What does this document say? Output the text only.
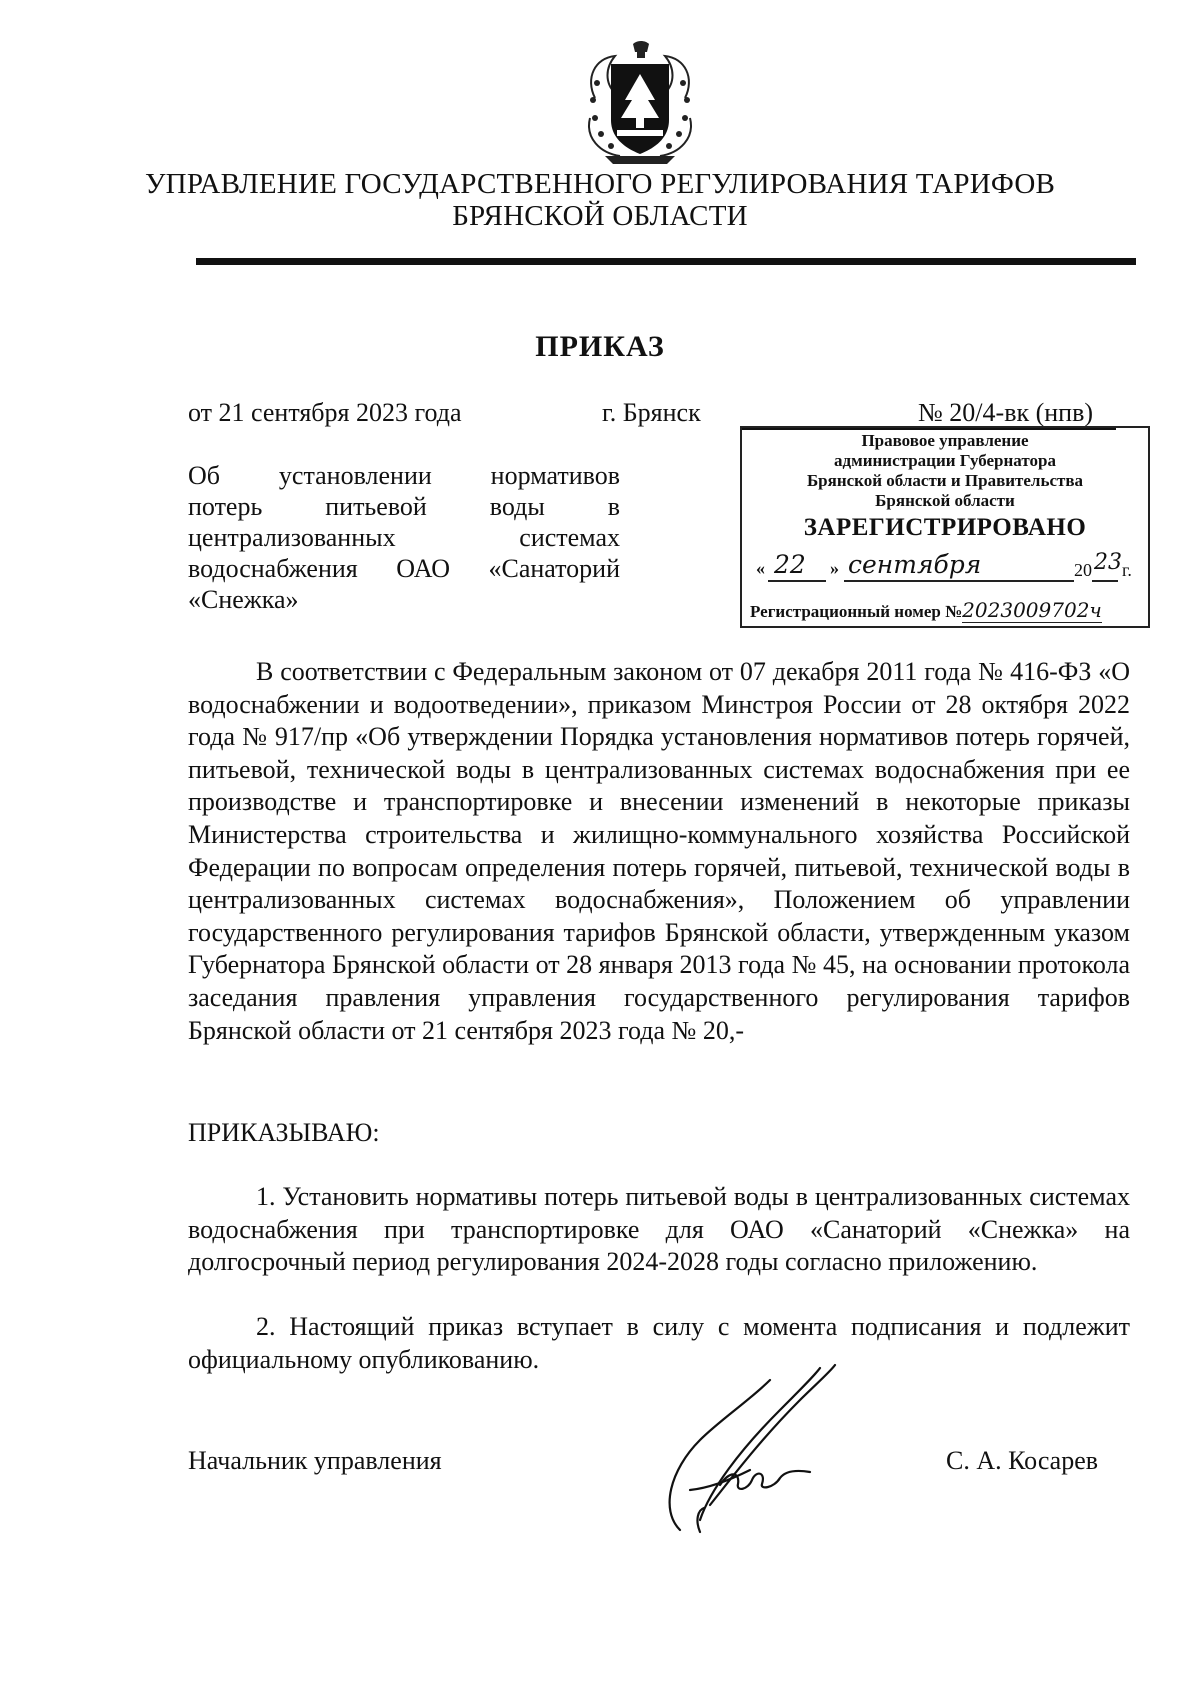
УПРАВЛЕНИЕ ГОСУДАРСТВЕННОГО РЕГУЛИРОВАНИЯ ТАРИФОВ
БРЯНСКОЙ ОБЛАСТИ
ПРИКАЗ
от 21 сентября 2023 года	г. Брянск	№ 20/4-вк (нпв)
Правовое управление
администрации Губернатора
Брянской области и Правительства
Брянской области
ЗАРЕГИСТРИРОВАНО
« 22 » сентября	20 23 г.
Регистрационный номер №2023009702ч
Об установлении нормативов
потерь питьевой воды в
централизованных системах
водоснабжения ОАО «Санаторий
«Снежка»
В соответствии с Федеральным законом от 07 декабря 2011 года № 416-ФЗ «О водоснабжении и водоотведении», приказом Минстроя России от 28 октября 2022 года № 917/пр «Об утверждении Порядка установления нормативов потерь горячей, питьевой, технической воды в централизованных системах водоснабжения при ее производстве и транспортировке и внесении изменений в некоторые приказы Министерства строительства и жилищно-коммунального хозяйства Российской Федерации по вопросам определения потерь горячей, питьевой, технической воды в централизованных системах водоснабжения», Положением об управлении государственного регулирования тарифов Брянской области, утвержденным указом Губернатора Брянской области от 28 января 2013 года № 45, на основании протокола заседания правления управления государственного регулирования тарифов Брянской области от 21 сентября 2023 года № 20,-
ПРИКАЗЫВАЮ:
1. Установить нормативы потерь питьевой воды в централизованных системах водоснабжения при транспортировке для ОАО «Санаторий «Снежка» на долгосрочный период регулирования 2024-2028 годы согласно приложению.
2. Настоящий приказ вступает в силу с момента подписания и подлежит официальному опубликованию.
Начальник управления	С. А. Косарев
